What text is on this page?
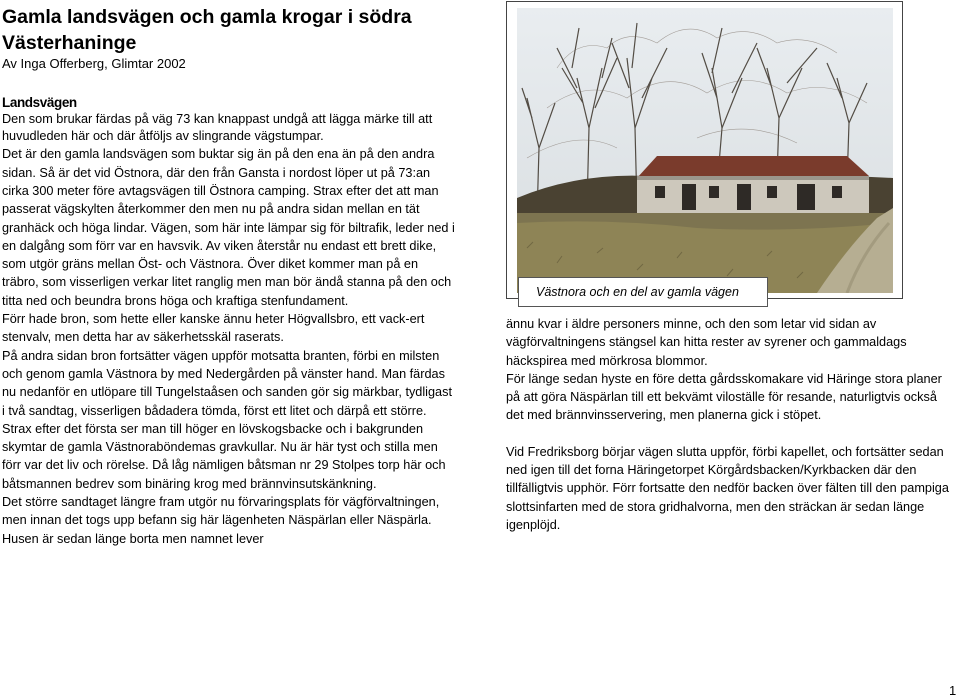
Gamla landsvägen och gamla krogar i södra Västerhaninge
Av Inga Offerberg, Glimtar 2002
Landsvägen
Den som brukar färdas på väg 73 kan knappast undgå att lägga märke till att huvudleden här och där åtföljs av slingrande vägstumpar.

Det är den gamla landsvägen som buktar sig än på den ena än på den andra sidan. Så är det vid Östnora, där den från Gansta i nordost löper ut på 73:an cirka 300 meter före avtagsvägen till Östnora camping. Strax efter det att man passerat vägskylten återkommer den men nu på andra sidan mellan en tät granhäck och höga lindar. Vägen, som här inte lämpar sig för biltrafik, leder ned i en dalgång som förr var en havsvik. Av viken återstår nu endast ett brett dike, som utgör gräns mellan Öst- och Västnora. Över diket kommer man på en träbro, som visserligen verkar litet ranglig men man bör ändå stanna på den och titta ned och beundra brons höga och kraftiga stenfundament.

Förr hade bron, som hette eller kanske ännu heter Högvallsbro, ett vack-ert stenvalv, men detta har av säkerhetsskäl raserats.

På andra sidan bron fortsätter vägen uppför motsatta branten, förbi en milsten och genom gamla Västnora by med Nedergården på vänster hand. Man färdas nu nedanför en utlöpare till Tungelstaåsen och sanden gör sig märkbar, tydligast i två sandtag, visserligen bådadera tömda, först ett litet och därpå ett större. Strax efter det första ser man till höger en lövskogsbacke och i bakgrunden skymtar de gamla Västnoraböndemas gravkullar. Nu är här tyst och stilla men förr var det liv och rörelse. Då låg nämligen båtsman nr 29 Stolpes torp här och båtsmannen bedrev som binäring krog med brännvinsutskänkning.

Det större sandtaget längre fram utgör nu förvaringsplats för vägförvaltningen, men innan det togs upp befann sig här lägenheten Näspärlan eller Näspärla. Husen är sedan länge borta men namnet lever

Västnora och en del av gamla vägen

ännu kvar i äldre personers minne, och den som letar vid sidan av vägförvaltningens stängsel kan hitta rester av syrener och gammaldags häckspirea med mörkrosa blommor.

För länge sedan hyste en före detta gårdsskomakare vid Häringe stora planer på att göra Näspärlan till ett bekvämt viloställe för resande, naturligtvis också det med brännvinsservering, men planerna gick i stöpet.

Vid Fredriksborg börjar vägen slutta uppför, förbi kapellet, och fortsätter sedan ned igen till det forna Häringetorpet Körgårdsbacken/Kyrkbacken där den tillfälligtvis upphör. Förr fortsatte den nedför backen över fälten till den pampiga slottsinfarten med de stora gridhalvorna, men den sträckan är sedan länge igenplöjd.

1
